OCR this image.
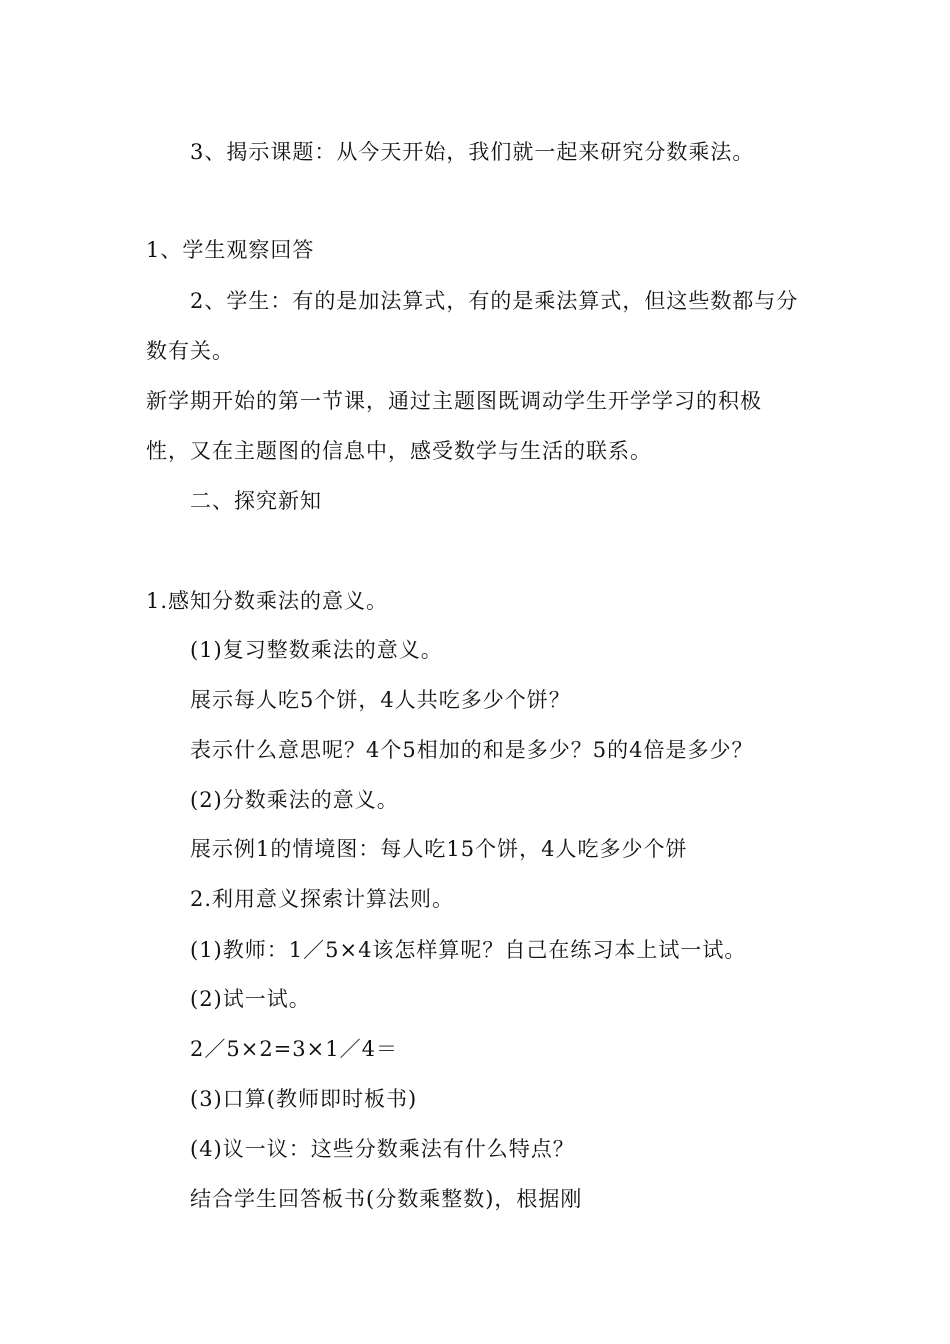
3、揭示课题：从今天开始，我们就一起来研究分数乘法。
1、学生观察回答
2、学生：有的是加法算式，有的是乘法算式，但这些数都与分
数有关。
新学期开始的第一节课，通过主题图既调动学生开学学习的积极
性，又在主题图的信息中，感受数学与生活的联系。
二、探究新知
1.感知分数乘法的意义。
(1)复习整数乘法的意义。
展示每人吃5个饼，4人共吃多少个饼？
表示什么意思呢？4个5相加的和是多少？5的4倍是多少？
(2)分数乘法的意义。
展示例1的情境图：每人吃15个饼，4人吃多少个饼
2.利用意义探索计算法则。
(1)教师：1／5×4该怎样算呢？自己在练习本上试一试。
(2)试一试。
2／5×2=3×1／4＝
(3)口算(教师即时板书)
(4)议一议：这些分数乘法有什么特点？
结合学生回答板书(分数乘整数)，根据刚
